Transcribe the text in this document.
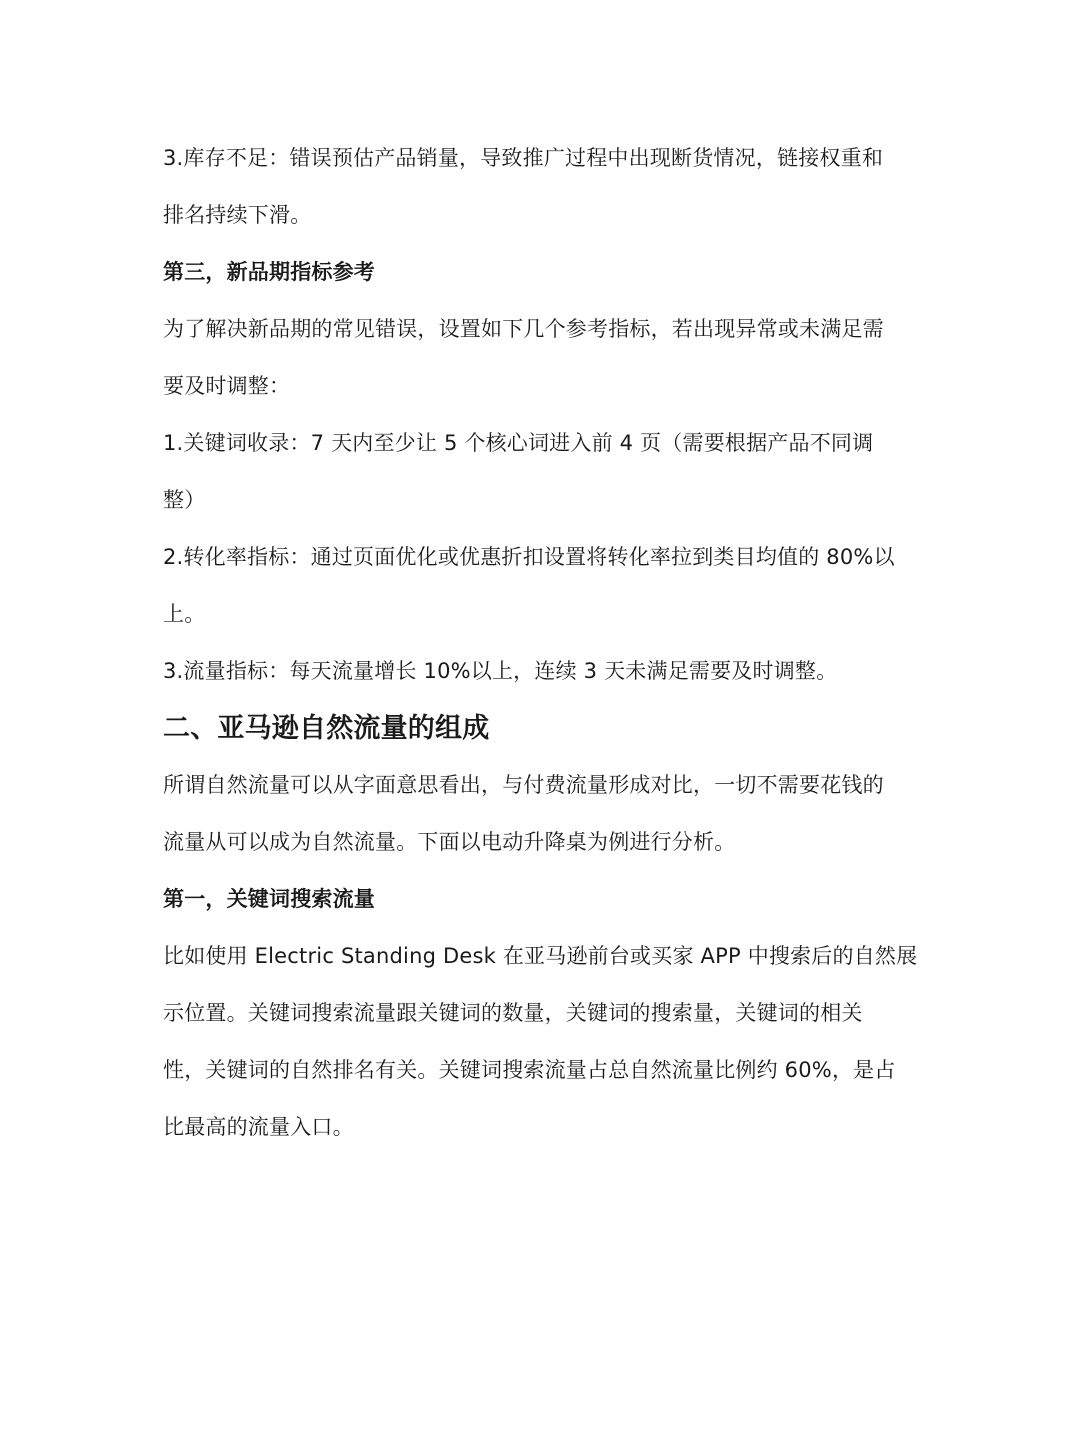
3.库存不足：错误预估产品销量，导致推广过程中出现断货情况，链接权重和

排名持续下滑。

第三，新品期指标参考

为了解决新品期的常见错误，设置如下几个参考指标，若出现异常或未满足需

要及时调整：

1.关键词收录：7 天内至少让 5 个核心词进入前 4 页（需要根据产品不同调

整）

2.转化率指标：通过页面优化或优惠折扣设置将转化率拉到类目均值的 80%以

上。

3.流量指标：每天流量增长 10%以上，连续 3 天未满足需要及时调整。

二、亚马逊自然流量的组成

所谓自然流量可以从字面意思看出，与付费流量形成对比，一切不需要花钱的

流量从可以成为自然流量。下面以电动升降桌为例进行分析。

第一，关键词搜索流量

比如使用 Electric Standing Desk 在亚马逊前台或买家 APP 中搜索后的自然展

示位置。关键词搜索流量跟关键词的数量，关键词的搜索量，关键词的相关

性，关键词的自然排名有关。关键词搜索流量占总自然流量比例约 60%，是占

比最高的流量入口。
